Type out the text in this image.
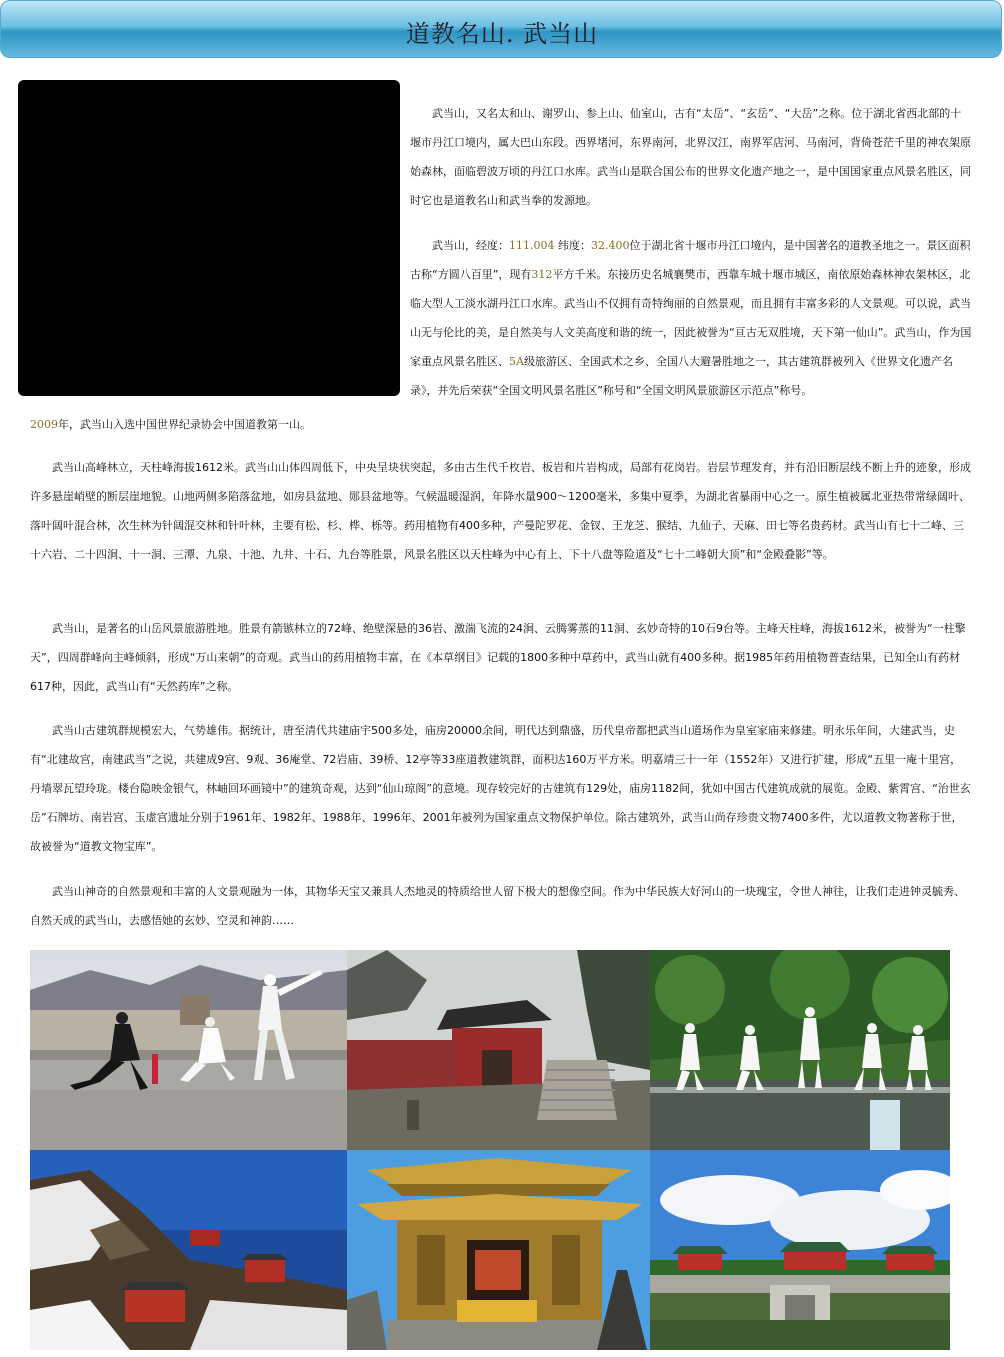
道教名山. 武当山

武当山，又名太和山、谢罗山、参上山、仙室山，古有“太岳”、“玄岳”、“大岳”之称。位于湖北省西北部的十堰市丹江口境内，属大巴山东段。西界堵河，东界南河，北界汉江，南界军店河、马南河，背倚苍茫千里的神农架原始森林，面临碧波万顷的丹江口水库。武当山是联合国公布的世界文化遗产地之一，是中国国家重点风景名胜区，同时它也是道教名山和武当拳的发源地。

武当山，经度：111.004 纬度：32.400位于湖北省十堰市丹江口境内，是中国著名的道教圣地之一。景区面积古称“方圆八百里”，现有312平方千米。东接历史名城襄樊市，西靠车城十堰市城区，南依原始森林神农架林区，北临大型人工淡水湖丹江口水库。武当山不仅拥有奇特绚丽的自然景观，而且拥有丰富多彩的人文景观。可以说，武当山无与伦比的美，是自然美与人文美高度和谐的统一，因此被誉为“亘古无双胜境，天下第一仙山”。武当山，作为国家重点风景名胜区、5A级旅游区、全国武术之乡、全国八大避暑胜地之一，其古建筑群被列入《世界文化遗产名录》，并先后荣获“全国文明风景名胜区”称号和“全国文明风景旅游区示范点”称号。

2009年，武当山入选中国世界纪录协会中国道教第一山。

武当山高峰林立，天柱峰海拔1612米。武当山山体四周低下，中央呈块状突起，多由古生代千枚岩、板岩和片岩构成，局部有花岗岩。岩层节理发育，并有沿旧断层线不断上升的迹象，形成许多悬崖峭壁的断层崖地貌。山地两侧多陷落盆地，如房县盆地、郧县盆地等。气候温暖湿润，年降水量900～1200毫米，多集中夏季，为湖北省暴雨中心之一。原生植被属北亚热带常绿阔叶、落叶阔叶混合林，次生林为针阔混交林和针叶林，主要有松、杉、桦、栎等。药用植物有400多种，产曼陀罗花、金钗、王龙芝、猴结、九仙子、天麻、田七等名贵药材。武当山有七十二峰、三十六岩、二十四涧、十一洞、三潭、九泉、十池、九井、十石、九台等胜景，风景名胜区以天柱峰为中心有上、下十八盘等险道及“七十二峰朝大顶”和“金殿叠影”等。

武当山，是著名的山岳风景旅游胜地。胜景有箭镞林立的72峰、绝壁深悬的36岩、激湍飞流的24涧、云腾雾蒸的11洞、玄妙奇特的10石9台等。主峰天柱峰，海拔1612米，被誉为“一柱擎天”，四周群峰向主峰倾斜，形成“万山来朝”的奇观。武当山的药用植物丰富，在《本草纲目》记载的1800多种中草药中，武当山就有400多种。据1985年药用植物普查结果，已知全山有药材617种，因此，武当山有“天然药库”之称。

武当山古建筑群规模宏大，气势雄伟。据统计，唐至清代共建庙宇500多处，庙房20000余间，明代达到鼎盛，历代皇帝都把武当山道场作为皇室家庙来修建。明永乐年间，大建武当，史有“北建故宫，南建武当”之说，共建成9宫、9观、36庵堂、72岩庙、39桥、12亭等33座道教建筑群，面积达160万平方米。明嘉靖三十一年（1552年）又进行扩建，形成“五里一庵十里宫，丹墙翠瓦望玲珑。楼台隐映金银气，林岫回环画镜中”的建筑奇观，达到“仙山琼阁”的意境。现存较完好的古建筑有129处，庙房1182间，犹如中国古代建筑成就的展览。金殿、紫霄宫、“治世玄岳”石牌坊、南岩宫、玉虚宫遗址分别于1961年、1982年、1988年、1996年、2001年被列为国家重点文物保护单位。除古建筑外，武当山尚存珍贵文物7400多件，尤以道教文物著称于世，故被誉为“道教文物宝库”。

武当山神奇的自然景观和丰富的人文景观融为一体，其物华天宝又兼具人杰地灵的特质给世人留下极大的想像空间。作为中华民族大好河山的一块瑰宝，令世人神往，让我们走进钟灵毓秀、自然天成的武当山，去感悟她的玄妙、空灵和神韵……
